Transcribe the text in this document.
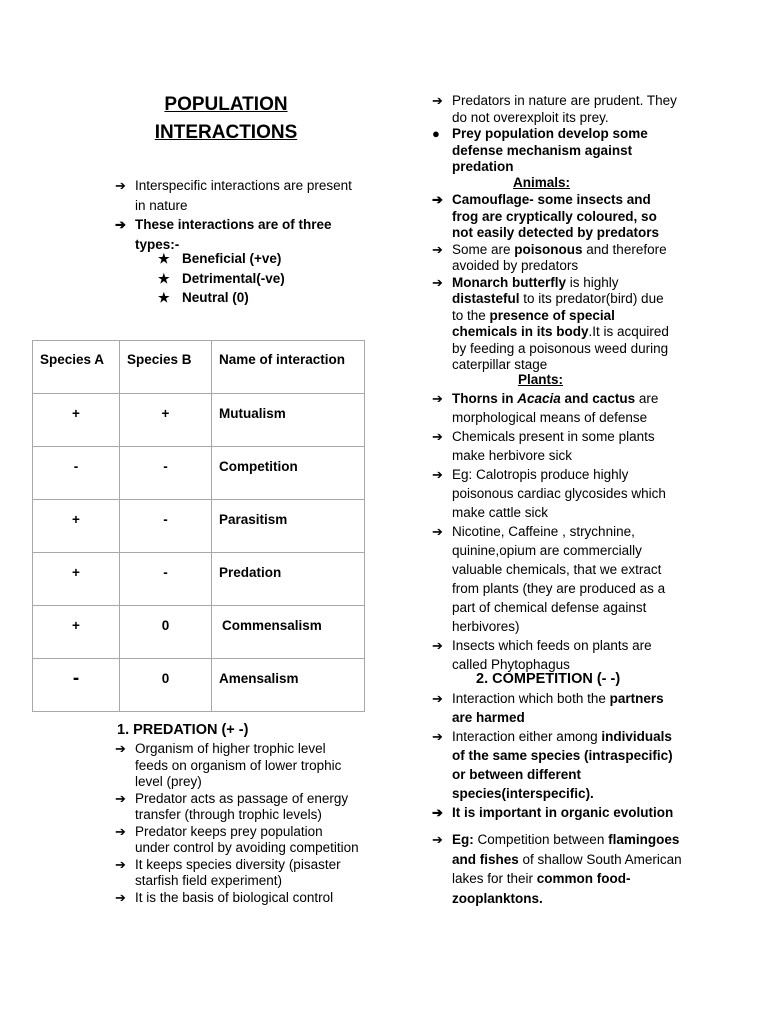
POPULATION
INTERACTIONS
➔ Interspecific interactions are present in nature
➔ These interactions are of three types:-
★ Beneficial (+ve)
★ Detrimental(-ve)
★ Neutral (0)
Species A	Species B	Name of interaction
+	+	Mutualism
-	-	Competition
+	-	Parasitism
+	-	Predation
+	0	Commensalism
-	0	Amensalism
1. PREDATION (+ -)
➔ Organism of higher trophic level feeds on organism of lower trophic level (prey)
➔ Predator acts as passage of energy transfer (through trophic levels)
➔ Predator keeps prey population under control by avoiding competition
➔ It keeps species diversity (pisaster starfish field experiment)
➔ It is the basis of biological control
➔ Predators in nature are prudent. They do not overexploit its prey.
● Prey population develop some defense mechanism against predation
Animals:
➔ Camouflage- some insects and frog are cryptically coloured, so not easily detected by predators
➔ Some are poisonous and therefore avoided by predators
➔ Monarch butterfly is highly distasteful to its predator(bird) due to the presence of special chemicals in its body.It is acquired by feeding a poisonous weed during caterpillar stage
Plants:
➔ Thorns in Acacia and cactus are morphological means of defense
➔ Chemicals present in some plants make herbivore sick
➔ Eg: Calotropis produce highly poisonous cardiac glycosides which make cattle sick
➔ Nicotine, Caffeine , strychnine, quinine,opium are commercially valuable chemicals, that we extract from plants (they are produced as a part of chemical defense against herbivores)
➔ Insects which feeds on plants are called Phytophagus
2. COMPETITION (- -)
➔ Interaction which both the partners are harmed
➔ Interaction either among individuals of the same species (intraspecific) or between different species(interspecific).
➔ It is important in organic evolution
➔ Eg: Competition between flamingoes and fishes of shallow South American lakes for their common food- zooplanktons.
